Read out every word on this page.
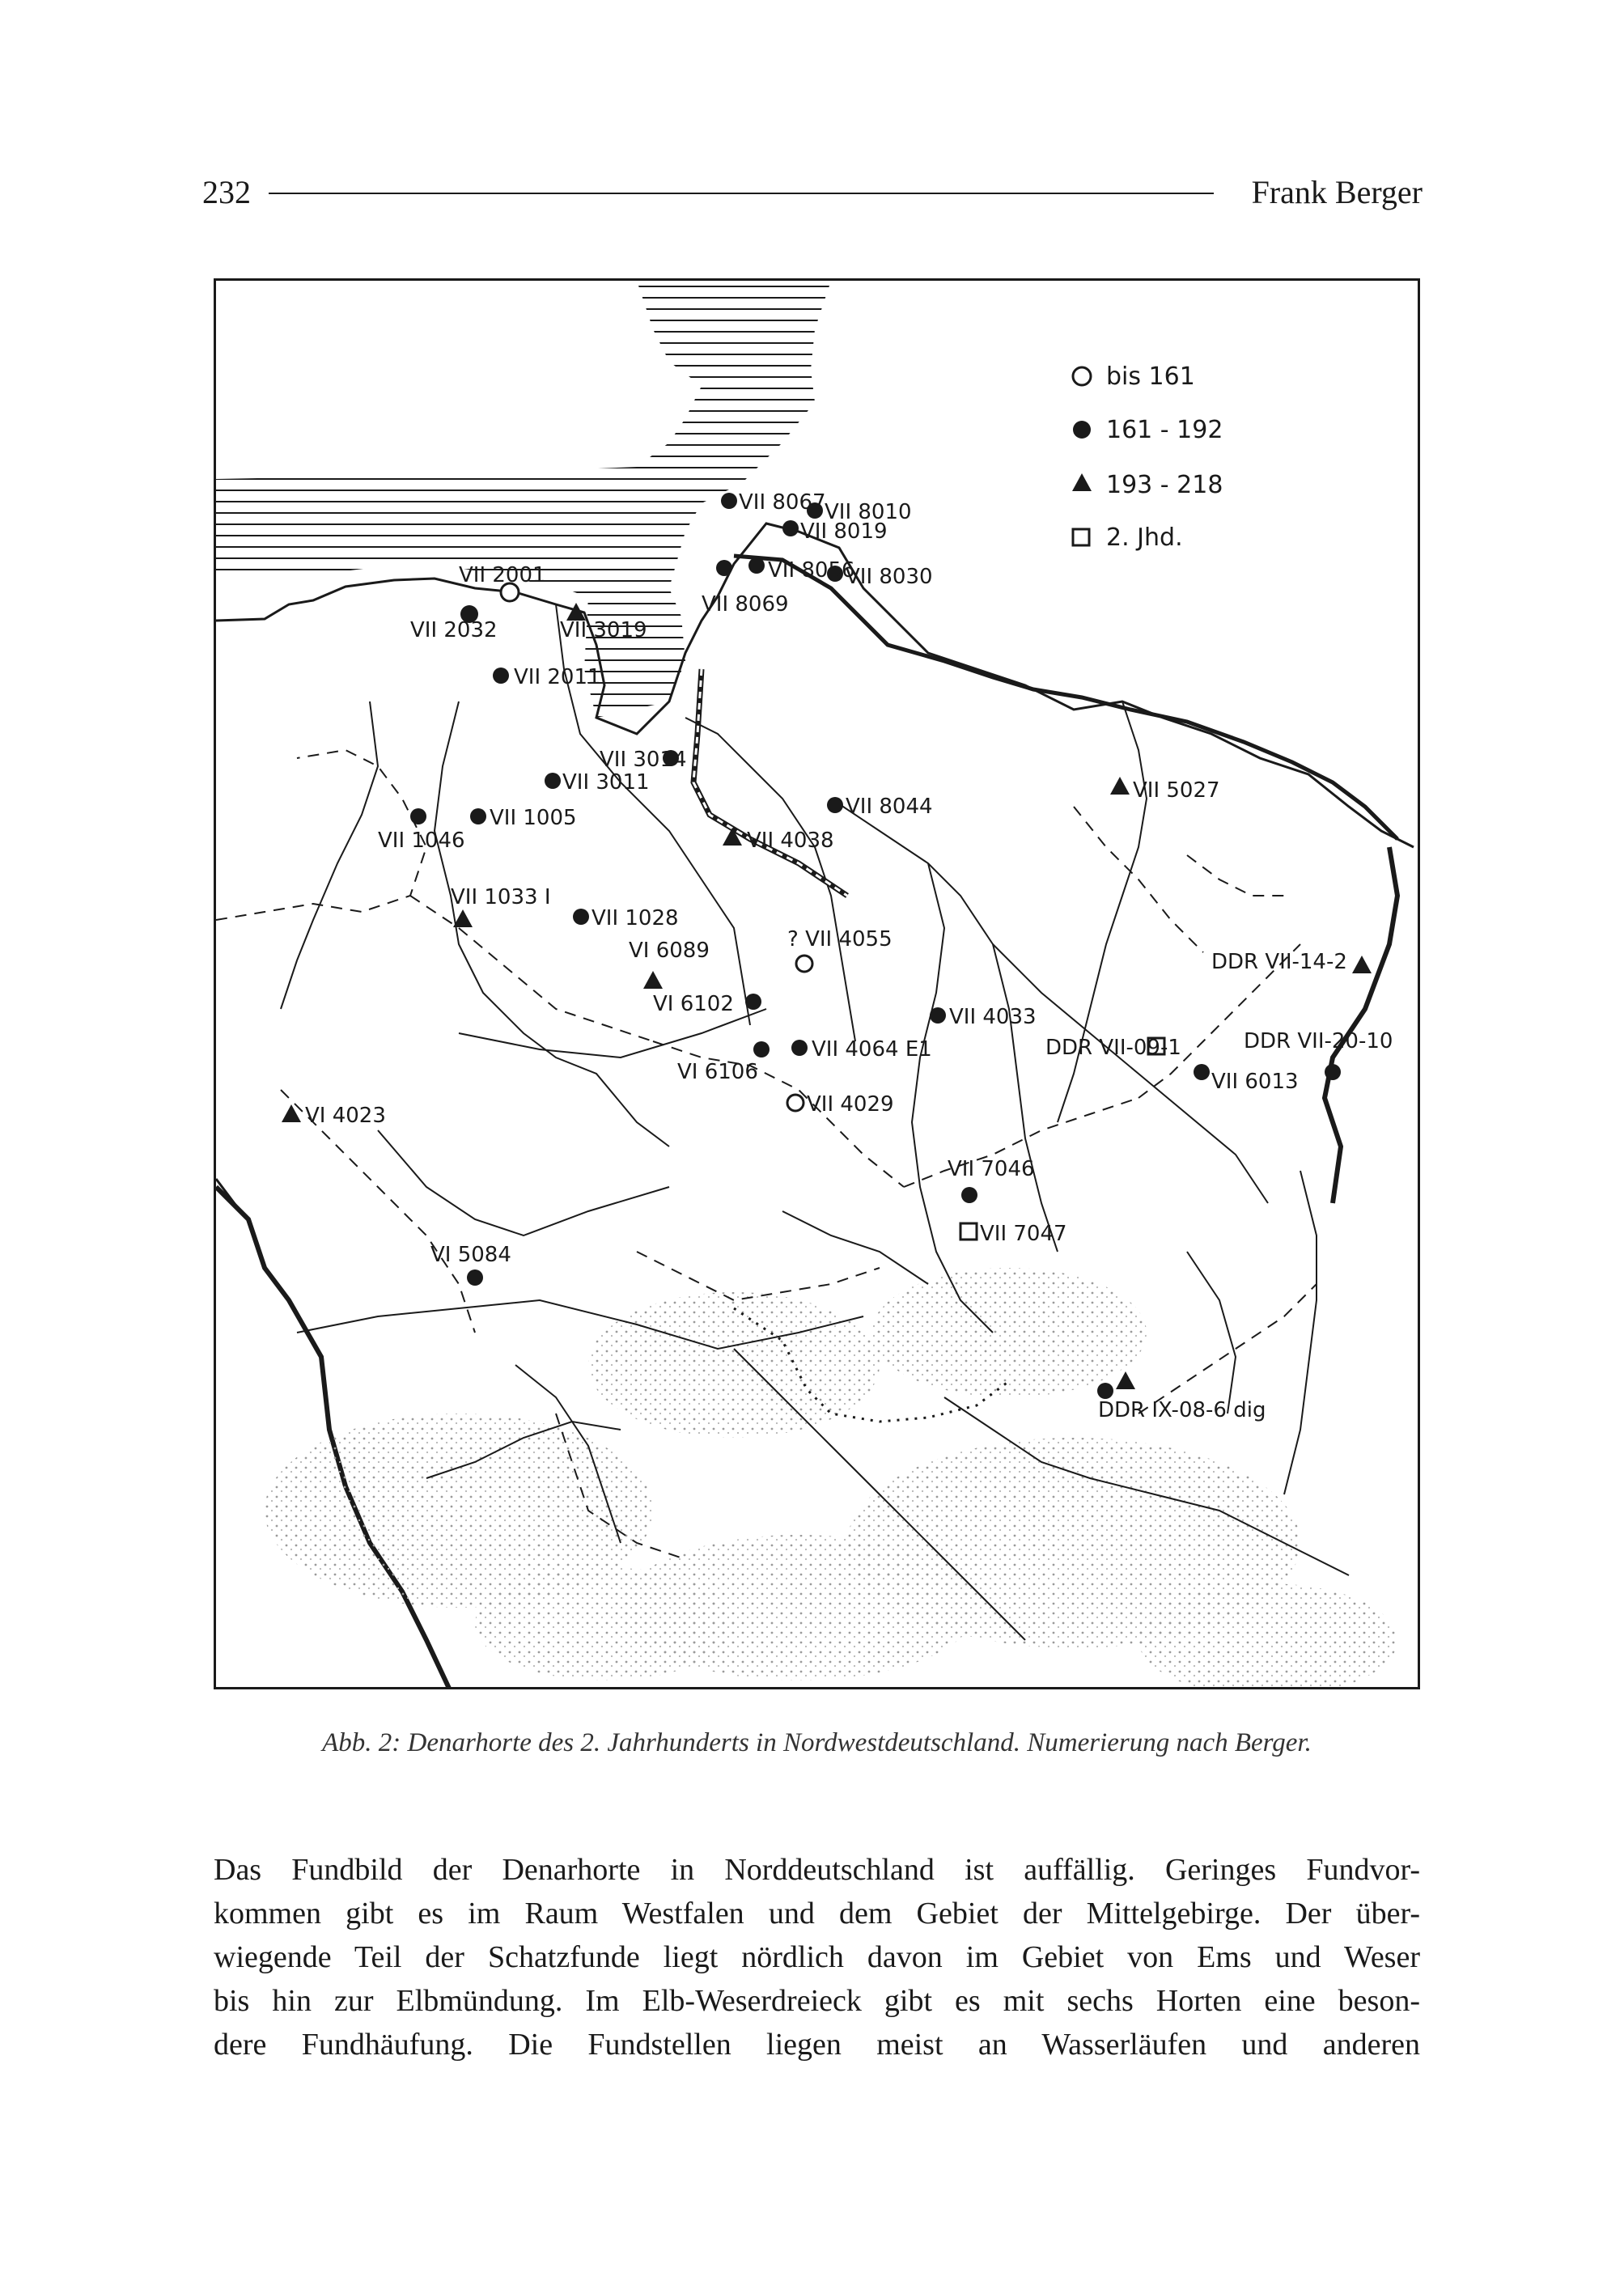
232	Frank Berger
bis 161
161 - 192
193 - 218
2. Jhd.
VII 8067
VII 8010
VII 8019
VII 8056
VII 8030
VII 8069
VII 2001
VII 2032	VII 3019
VII 2011
VII 3014
VII 3011
VII 1005
VII 1046
VII 8044
VII 4038
VII 5027
VII 1033 I
VII 1028
VI 6089	? VII 4055
VI 6102
VII 4033
DDR VII-14-2
DDR VII-20-10
DDR VII-09-1
VII 6013
VI 6106
VII 4064 E1
VII 4029
VI 4023
VII 7046
VII 7047
VI 5084
DDR IX-08-6 dig
Abb. 2: Denarhorte des 2. Jahrhunderts in Nordwestdeutschland. Numerierung nach Berger.
Das Fundbild der Denarhorte in Norddeutschland ist auffällig. Geringes Fundvor-
kommen gibt es im Raum Westfalen und dem Gebiet der Mittelgebirge. Der über-
wiegende Teil der Schatzfunde liegt nördlich davon im Gebiet von Ems und Weser
bis hin zur Elbmündung. Im Elb-Weserdreieck gibt es mit sechs Horten eine beson-
dere Fundhäufung. Die Fundstellen liegen meist an Wasserläufen und anderen
